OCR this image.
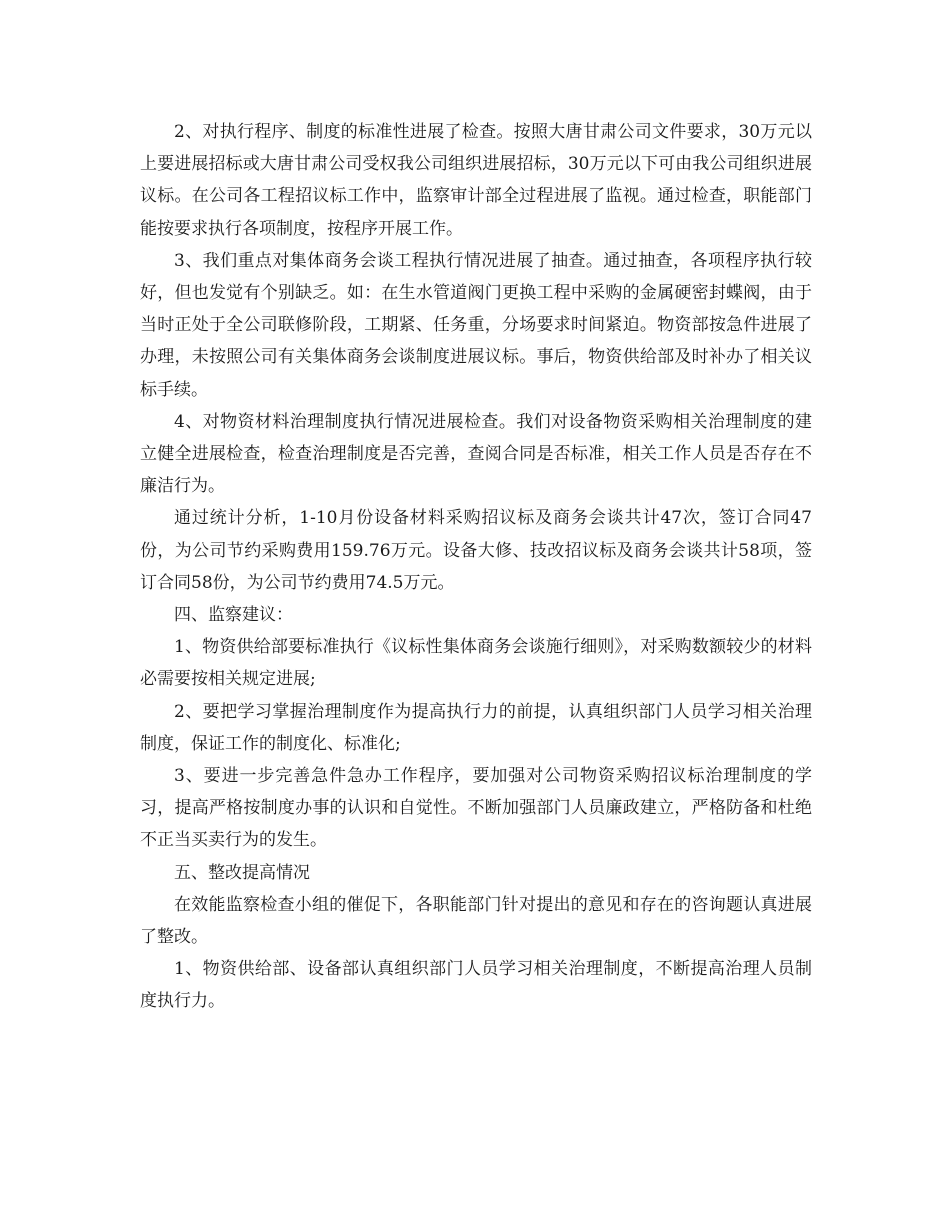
2、对执行程序、制度的标准性进展了检查。按照大唐甘肃公司文件要求，30万元以上要进展招标或大唐甘肃公司受权我公司组织进展招标，30万元以下可由我公司组织进展议标。在公司各工程招议标工作中，监察审计部全过程进展了监视。通过检查，职能部门能按要求执行各项制度，按程序开展工作。

3、我们重点对集体商务会谈工程执行情况进展了抽查。通过抽查，各项程序执行较好，但也发觉有个别缺乏。如：在生水管道阀门更换工程中采购的金属硬密封蝶阀，由于当时正处于全公司联修阶段，工期紧、任务重，分场要求时间紧迫。物资部按急件进展了办理，未按照公司有关集体商务会谈制度进展议标。事后，物资供给部及时补办了相关议标手续。

4、对物资材料治理制度执行情况进展检查。我们对设备物资采购相关治理制度的建立健全进展检查，检查治理制度是否完善，查阅合同是否标准，相关工作人员是否存在不廉洁行为。

通过统计分析，1-10月份设备材料采购招议标及商务会谈共计47次，签订合同47份，为公司节约采购费用159.76万元。设备大修、技改招议标及商务会谈共计58项，签订合同58份，为公司节约费用74.5万元。

四、监察建议：

1、物资供给部要标准执行《议标性集体商务会谈施行细则》，对采购数额较少的材料必需要按相关规定进展;

2、要把学习掌握治理制度作为提高执行力的前提，认真组织部门人员学习相关治理制度，保证工作的制度化、标准化;

3、要进一步完善急件急办工作程序，要加强对公司物资采购招议标治理制度的学习，提高严格按制度办事的认识和自觉性。不断加强部门人员廉政建立，严格防备和杜绝不正当买卖行为的发生。

五、整改提高情况

在效能监察检查小组的催促下，各职能部门针对提出的意见和存在的咨询题认真进展了整改。

1、物资供给部、设备部认真组织部门人员学习相关治理制度，不断提高治理人员制度执行力。
